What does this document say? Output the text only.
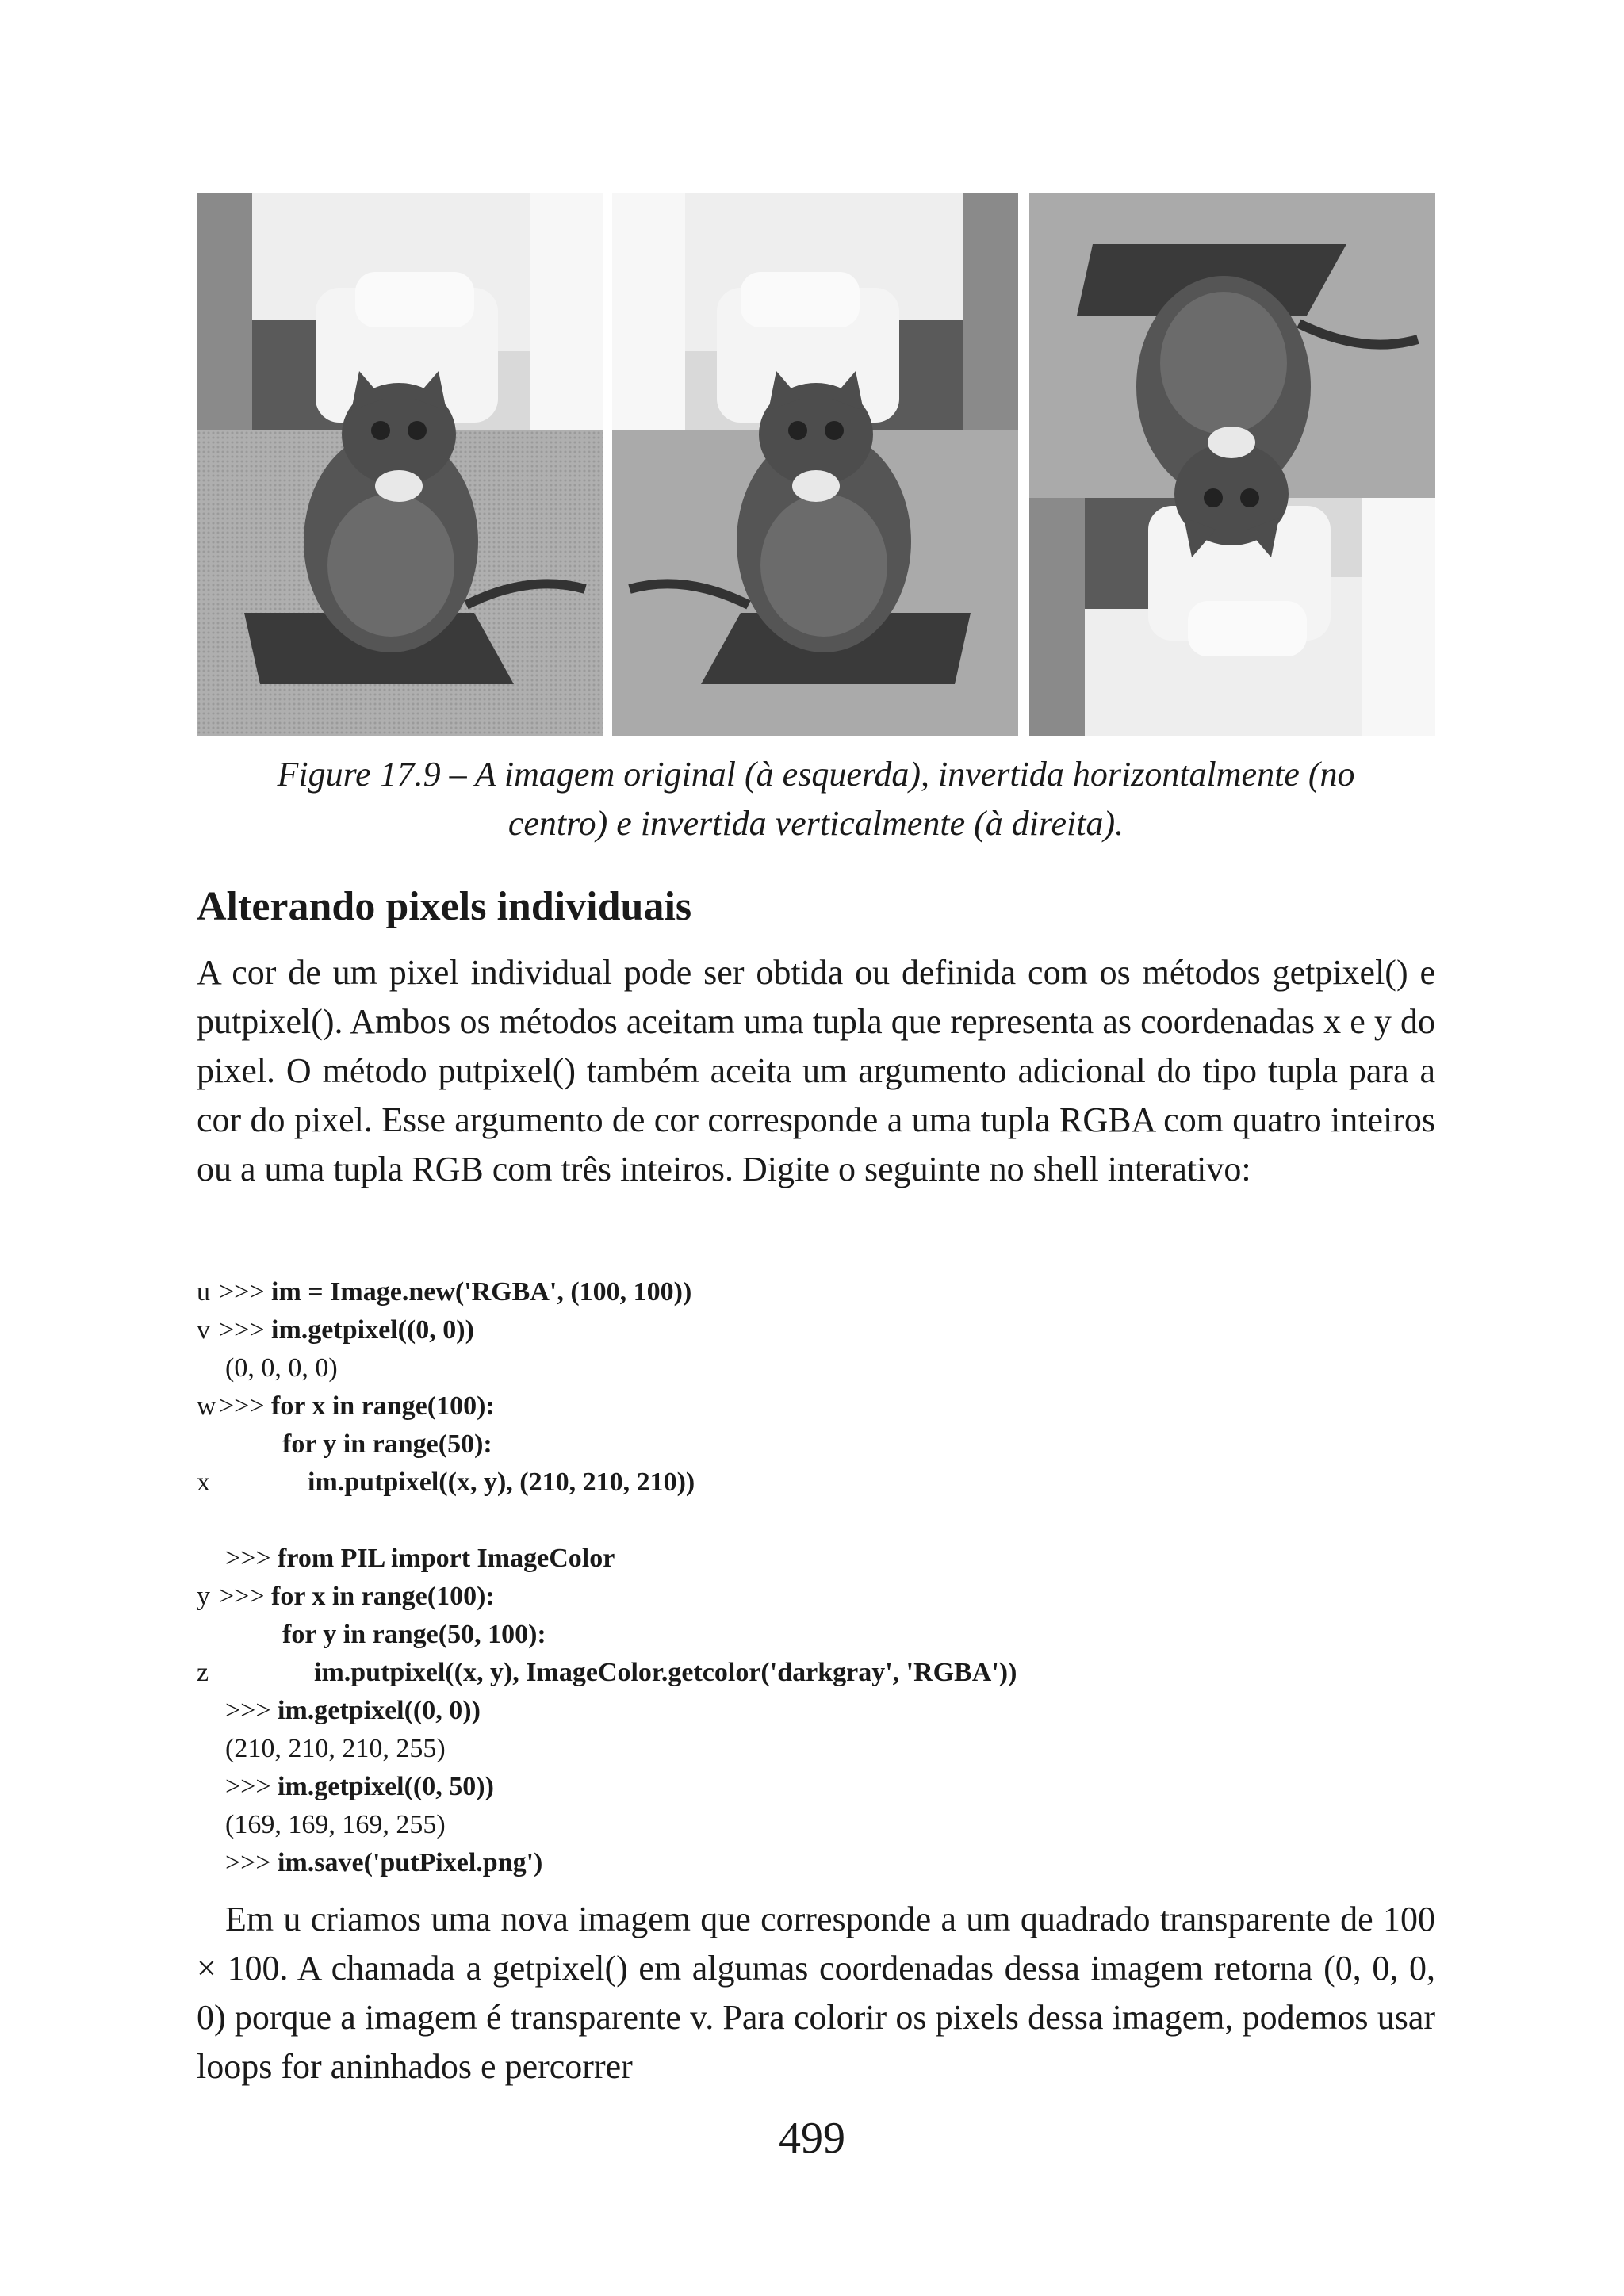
Figure 17.9 – A imagem original (à esquerda), invertida horizontalmente (no
centro) e invertida verticalmente (à direita).
Alterando pixels individuais
A cor de um pixel individual pode ser obtida ou definida com os métodos getpixel() e putpixel(). Ambos os métodos aceitam uma tupla que representa as coordenadas x e y do pixel. O método putpixel() também aceita um argumento adicional do tipo tupla para a cor do pixel. Esse argumento de cor corresponde a uma tupla RGBA com quatro inteiros ou a uma tupla RGB com três inteiros. Digite o seguinte no shell interativo:
u >>> im = Image.new('RGBA', (100, 100))
v >>> im.getpixel((0, 0))
(0, 0, 0, 0)
w >>> for x in range(100):
for y in range(50):
x	im.putpixel((x, y), (210, 210, 210))
>>> from PIL import ImageColor
y >>> for x in range(100):
for y in range(50, 100):
z	im.putpixel((x, y), ImageColor.getcolor('darkgray', 'RGBA'))
>>> im.getpixel((0, 0))
(210, 210, 210, 255)
>>> im.getpixel((0, 50))
(169, 169, 169, 255)
>>> im.save('putPixel.png')
Em u criamos uma nova imagem que corresponde a um quadrado transparente de 100 × 100. A chamada a getpixel() em algumas coordenadas dessa imagem retorna (0, 0, 0, 0) porque a imagem é transparente v. Para colorir os pixels dessa imagem, podemos usar loops for aninhados e percorrer
499
